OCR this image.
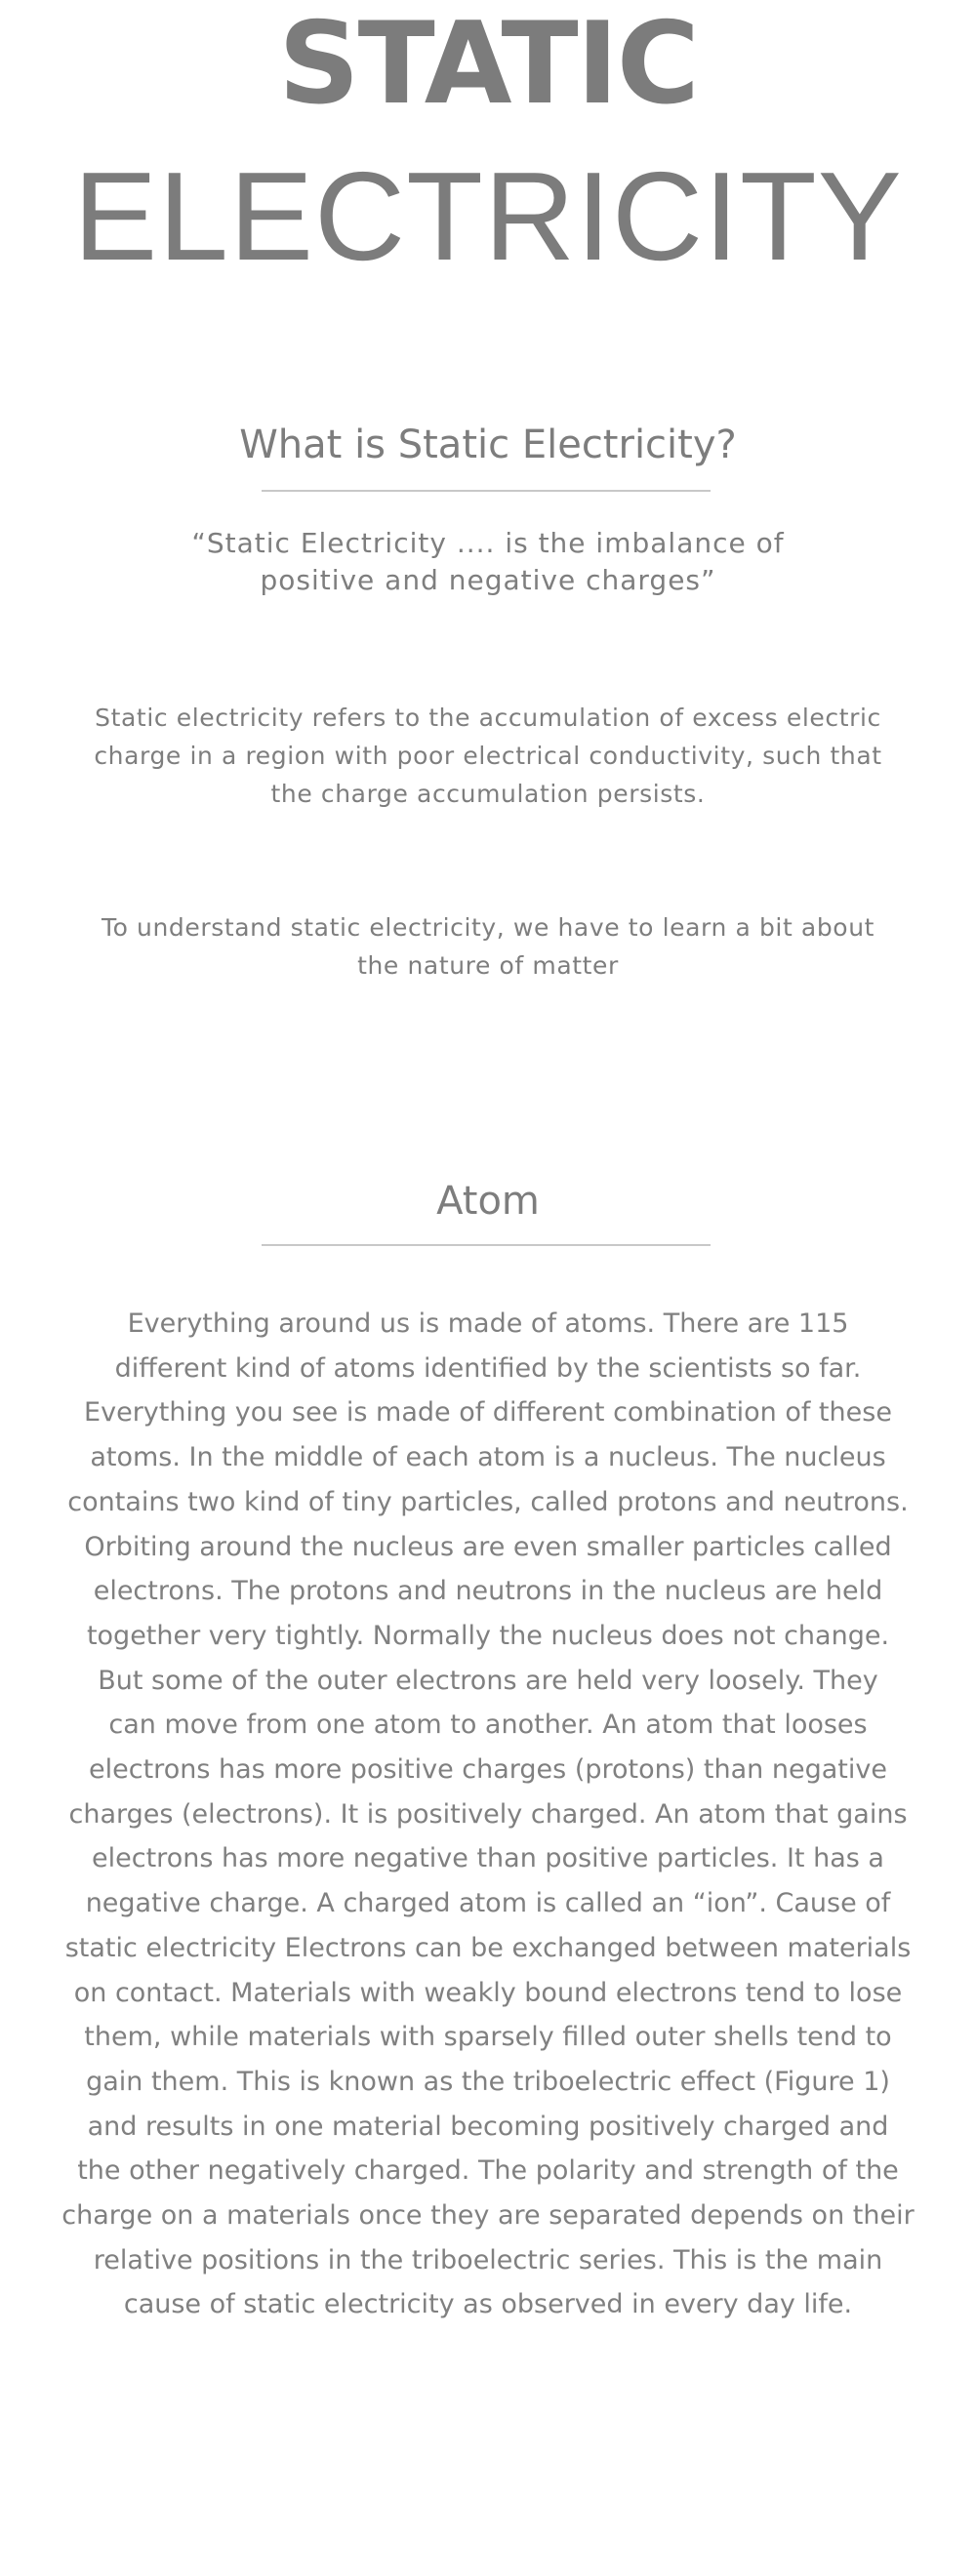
STATIC
ELECTRICITY
What is Static Electricity?

“Static Electricity .... is the imbalance of
positive and negative charges”

Static electricity refers to the accumulation of excess electric
charge in a region with poor electrical conductivity, such that
the charge accumulation persists.

To understand static electricity, we have to learn a bit about
the nature of matter

Atom

Everything around us is made of atoms. There are 115
different kind of atoms identified by the scientists so far.
Everything you see is made of different combination of these
atoms. In the middle of each atom is a nucleus. The nucleus
contains two kind of tiny particles, called protons and neutrons.
Orbiting around the nucleus are even smaller particles called
electrons. The protons and neutrons in the nucleus are held
together very tightly. Normally the nucleus does not change.
But some of the outer electrons are held very loosely. They
can move from one atom to another. An atom that looses
electrons has more positive charges (protons) than negative
charges (electrons). It is positively charged. An atom that gains
electrons has more negative than positive particles. It has a
negative charge. A charged atom is called an “ion”. Cause of
static electricity Electrons can be exchanged between materials
on contact. Materials with weakly bound electrons tend to lose
them, while materials with sparsely filled outer shells tend to
gain them. This is known as the triboelectric effect (Figure 1)
and results in one material becoming positively charged and
the other negatively charged. The polarity and strength of the
charge on a materials once they are separated depends on their
relative positions in the triboelectric series. This is the main
cause of static electricity as observed in every day life.
